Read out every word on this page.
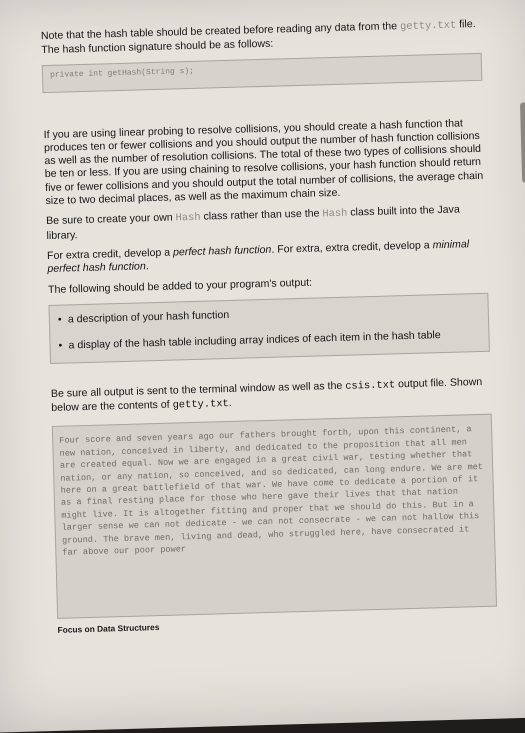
Note that the hash table should be created before reading any data from the getty.txt file. The hash function signature should be as follows:

private int getHash(String s);

If you are using linear probing to resolve collisions, you should create a hash function that produces ten or fewer collisions and you should output the number of hash function collisions as well as the number of resolution collisions. The total of these two types of collisions should be ten or less. If you are using chaining to resolve collisions, your hash function should return five or fewer collisions and you should output the total number of collisions, the average chain size to two decimal places, as well as the maximum chain size.

Be sure to create your own Hash class rather than use the Hash class built into the Java library.

For extra credit, develop a perfect hash function. For extra, extra credit, develop a minimal perfect hash function.

The following should be added to your program's output:

• a description of your hash function
• a display of the hash table including array indices of each item in the hash table

Be sure all output is sent to the terminal window as well as the csis.txt output file. Shown below are the contents of getty.txt.

Four score and seven years ago our fathers brought forth, upon this continent, a new nation, conceived in liberty, and dedicated to the proposition that all men are created equal. Now we are engaged in a great civil war, testing whether that nation, or any nation, so conceived, and so dedicated, can long endure. We are met here on a great battlefield of that war. We have come to dedicate a portion of it as a final resting place for those who here gave their lives that that nation might live. It is altogether fitting and proper that we should do this. But in a larger sense we can not dedicate - we can not consecrate - we can not hallow this ground. The brave men, living and dead, who struggled here, have consecrated it far above our poor power
Focus on Data Structures
